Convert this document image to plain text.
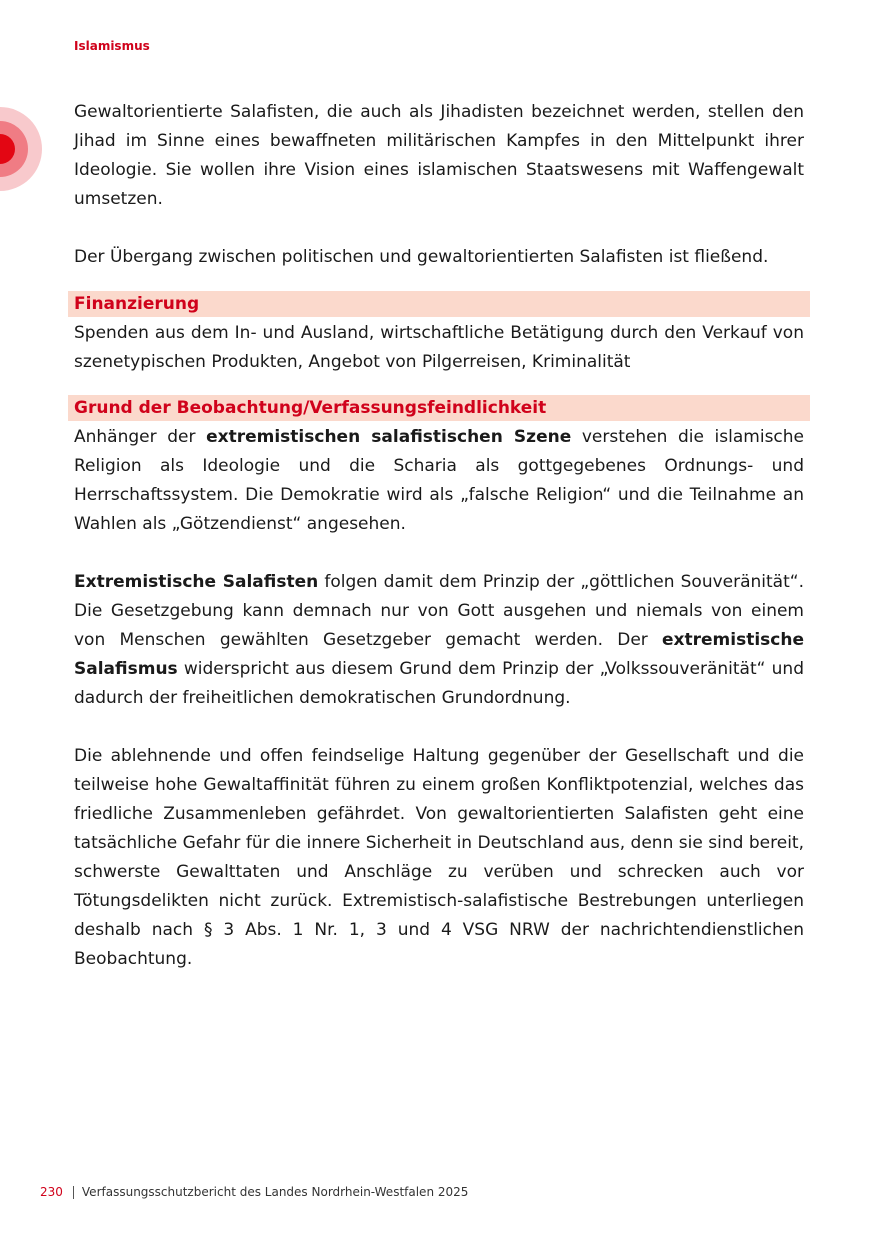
Islamismus

Gewaltorientierte Salafisten, die auch als Jihadisten bezeichnet werden, stellen den Jihad im Sinne eines bewaffneten militärischen Kampfes in den Mittelpunkt ihrer Ideologie. Sie wollen ihre Vision eines islamischen Staatswesens mit Waffengewalt umsetzen.

Der Übergang zwischen politischen und gewaltorientierten Salafisten ist fließend.

Finanzierung

Spenden aus dem In- und Ausland, wirtschaftliche Betätigung durch den Verkauf von szenetypischen Produkten, Angebot von Pilgerreisen, Kriminalität

Grund der Beobachtung/Verfassungsfeindlichkeit

Anhänger der extremistischen salafistischen Szene verstehen die islamische Religion als Ideologie und die Scharia als gottgegebenes Ordnungs- und Herrschaftssystem. Die Demokratie wird als „falsche Religion“ und die Teilnahme an Wahlen als „Götzendienst“ angesehen.

Extremistische Salafisten folgen damit dem Prinzip der „göttlichen Souveränität“. Die Gesetzgebung kann demnach nur von Gott ausgehen und niemals von einem von Menschen gewählten Gesetzgeber gemacht werden. Der extremistische Salafismus widerspricht aus diesem Grund dem Prinzip der „Volkssouveränität“ und dadurch der freiheitlichen demokratischen Grundordnung.

Die ablehnende und offen feindselige Haltung gegenüber der Gesellschaft und die teilweise hohe Gewaltaffinität führen zu einem großen Konfliktpotenzial, welches das friedliche Zusammenleben gefährdet. Von gewaltorientierten Salafisten geht eine tatsächliche Gefahr für die innere Sicherheit in Deutschland aus, denn sie sind bereit, schwerste Gewalttaten und Anschläge zu verüben und schrecken auch vor Tötungsdelikten nicht zurück. Extremistisch-salafistische Bestrebungen unterliegen deshalb nach § 3 Abs. 1 Nr. 1, 3 und 4 VSG NRW der nachrichtendienstlichen Beobachtung.

230 Verfassungsschutzbericht des Landes Nordrhein-Westfalen 2025
